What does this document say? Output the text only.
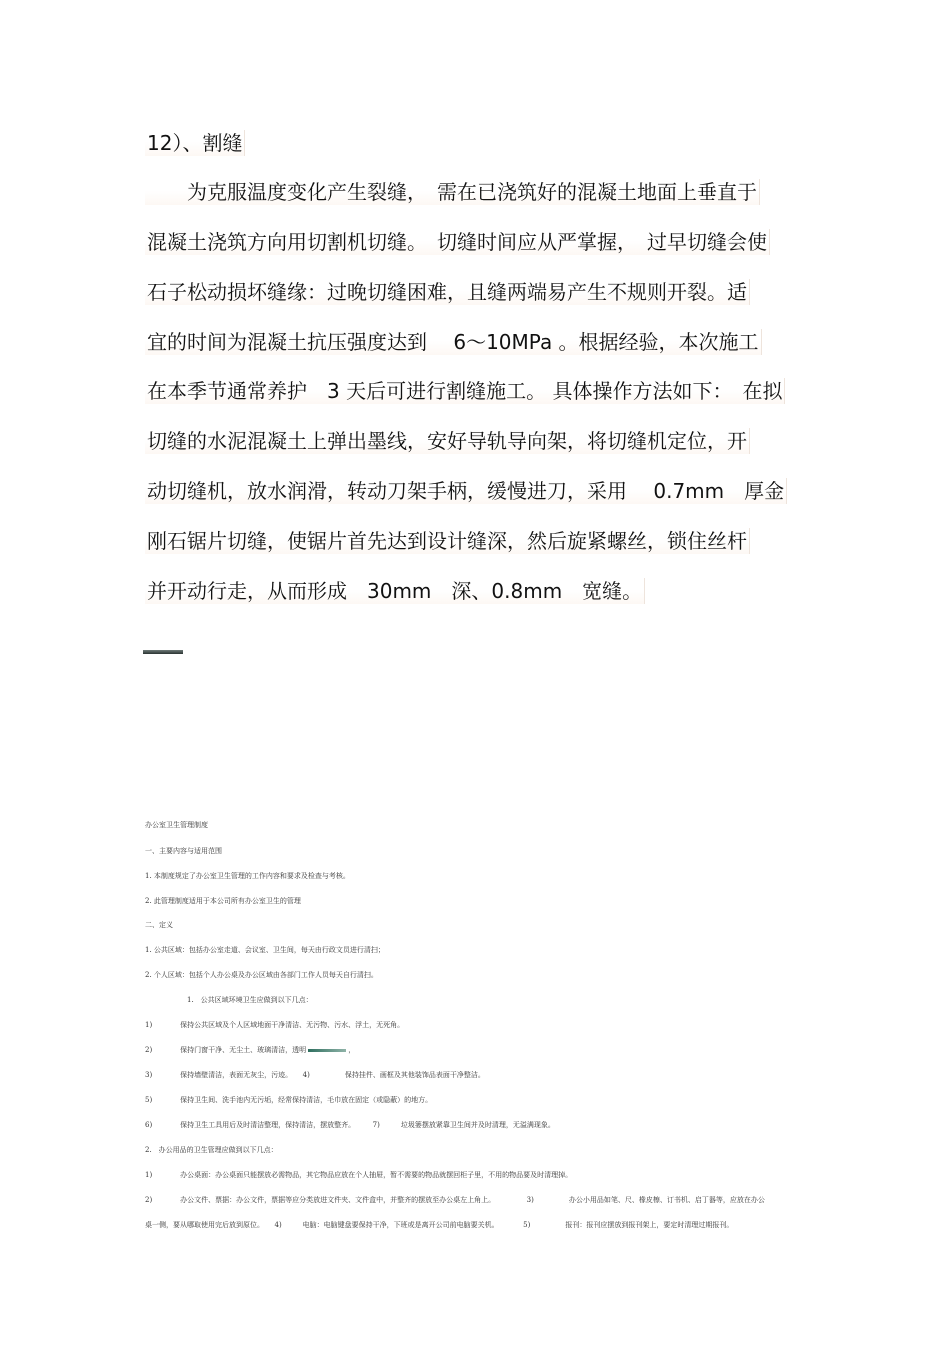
12）、割缝
　　为克服温度变化产生裂缝，　需在已浇筑好的混凝土地面上垂直于
混凝土浇筑方向用切割机切缝。　切缝时间应从严掌握，　过早切缝会使
石子松动损坏缝缘：过晚切缝困难，且缝两端易产生不规则开裂。适
宜的时间为混凝土抗压强度达到　 6～10MPa 。根据经验，本次施工
在本季节通常养护　3 天后可进行割缝施工。 具体操作方法如下：　在拟
切缝的水泥混凝土上弹出墨线，安好导轨导向架，将切缝机定位，开
动切缝机，放水润滑，转动刀架手柄，缓慢进刀，采用　 0.7mm　厚金
刚石锯片切缝，使锯片首先达到设计缝深，然后旋紧螺丝，锁住丝杆
并开动行走，从而形成　30mm　深、0.8mm　宽缝。
办公室卫生管理制度
一、主要内容与适用范围
1. 本制度规定了办公室卫生管理的工作内容和要求及检查与考核。
2. 此管理制度适用于本公司所有办公室卫生的管理
二、定义
1. 公共区域：包括办公室走道、会议室、卫生间，每天由行政文员进行清扫；
2. 个人区域：包括个人办公桌及办公区域由各部门工作人员每天自行清扫。
　　　　　　1.　公共区域环境卫生应做到以下几点：
1)　　　　保持公共区域及个人区域地面干净清洁、无污物、污水、浮土，无死角。
2)　　　　保持门窗干净、无尘土、玻璃清洁，透明	，
3)　　　　保持墙壁清洁，表面无灰尘，污迹。　　4)　　　　　保持挂件、画框及其他装饰品表面干净整洁。
5)　　　　保持卫生间、洗手池内无污垢，经常保持清洁，毛巾放在固定（或隐蔽）的地方。
6)　　　　保持卫生工具用后及时清洁整理，保持清洁，摆放整齐。　　　7)　　　垃圾篓摆放紧靠卫生间并及时清理，无溢满现象。
2.　办公用品的卫生管理应做到以下几点：
1)　　　　办公桌面：办公桌面只能摆放必需物品，其它物品应放在个人抽屉，暂不需要的物品就摆回柜子里，不用的物品要及时清理掉。
2)　　　　办公文件、票据：办公文件，票据等应分类放进文件夹、文件盒中，并整齐的摆放至办公桌左上角上。　　　　　3)　　　　　办公小用品如笔、尺、橡皮檫、订书机、启丁器等，应放在办公
桌一侧，要从哪取使用完后放到原位。　　4)　　　电脑：电脑键盘要保持干净，下班或是离开公司前电脑要关机。　　　　5)　　　　　报刊：报刊应摆放到报刊架上，要定时清理过期报刊。
